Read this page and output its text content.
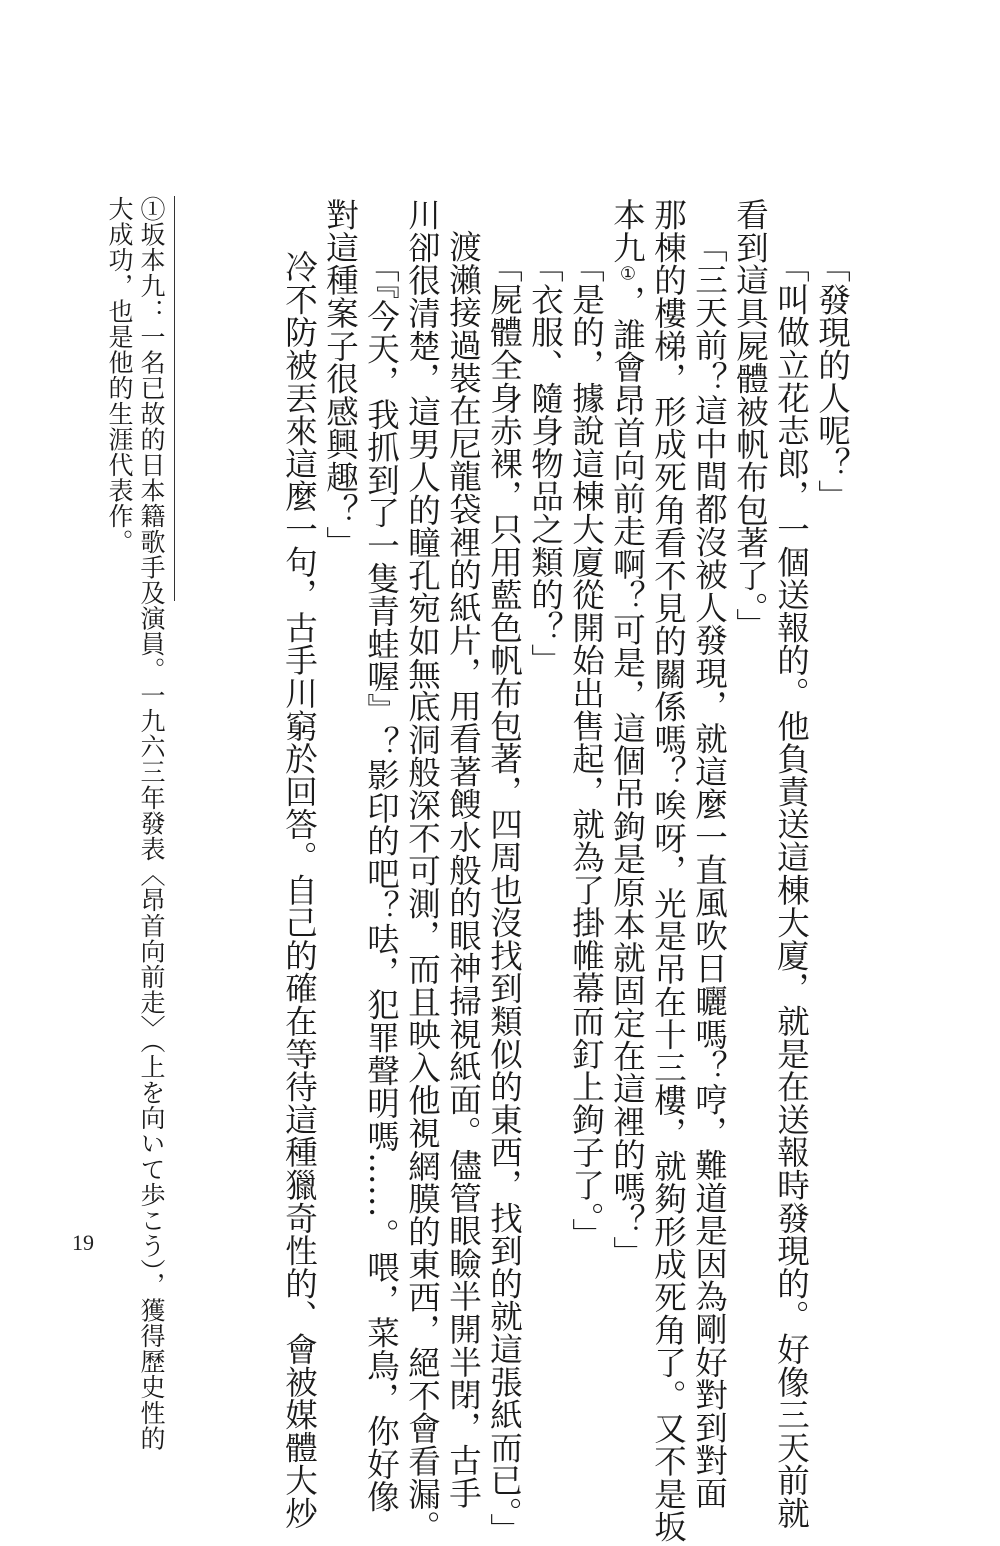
「發現的人呢？」
「叫做立花志郎，一個送報的。他負責送這棟大廈，就是在送報時發現的。好像三天前就
看到這具屍體被帆布包著了。」
「三天前？這中間都沒被人發現，就這麼一直風吹日曬嗎？哼，難道是因為剛好對到對面
那棟的樓梯，形成死角看不見的關係嗎？唉呀，光是吊在十三樓，就夠形成死角了。又不是坂
本九①，誰會昂首向前走啊？可是，這個吊鉤是原本就固定在這裡的嗎？」
「是的，據說這棟大廈從開始出售起，就為了掛帷幕而釘上鉤子了。」
「衣服、隨身物品之類的？」
「屍體全身赤裸，只用藍色帆布包著，四周也沒找到類似的東西，找到的就這張紙而已。」
渡瀨接過裝在尼龍袋裡的紙片，用看著餿水般的眼神掃視紙面。儘管眼瞼半開半閉，古手
川卻很清楚，這男人的瞳孔宛如無底洞般深不可測，而且映入他視網膜的東西，絕不會看漏。
「『今天，我抓到了一隻青蛙喔』？影印的吧？呿，犯罪聲明嗎……。喂，菜鳥，你好像
對這種案子很感興趣？」
冷不防被丟來這麼一句，古手川窮於回答。自己的確在等待這種獵奇性的、會被媒體大炒
①坂本九：一名已故的日本籍歌手及演員。一九六三年發表〈昂首向前走〉（上を向いて歩こう），獲得歷史性的
大成功，也是他的生涯代表作。
19
